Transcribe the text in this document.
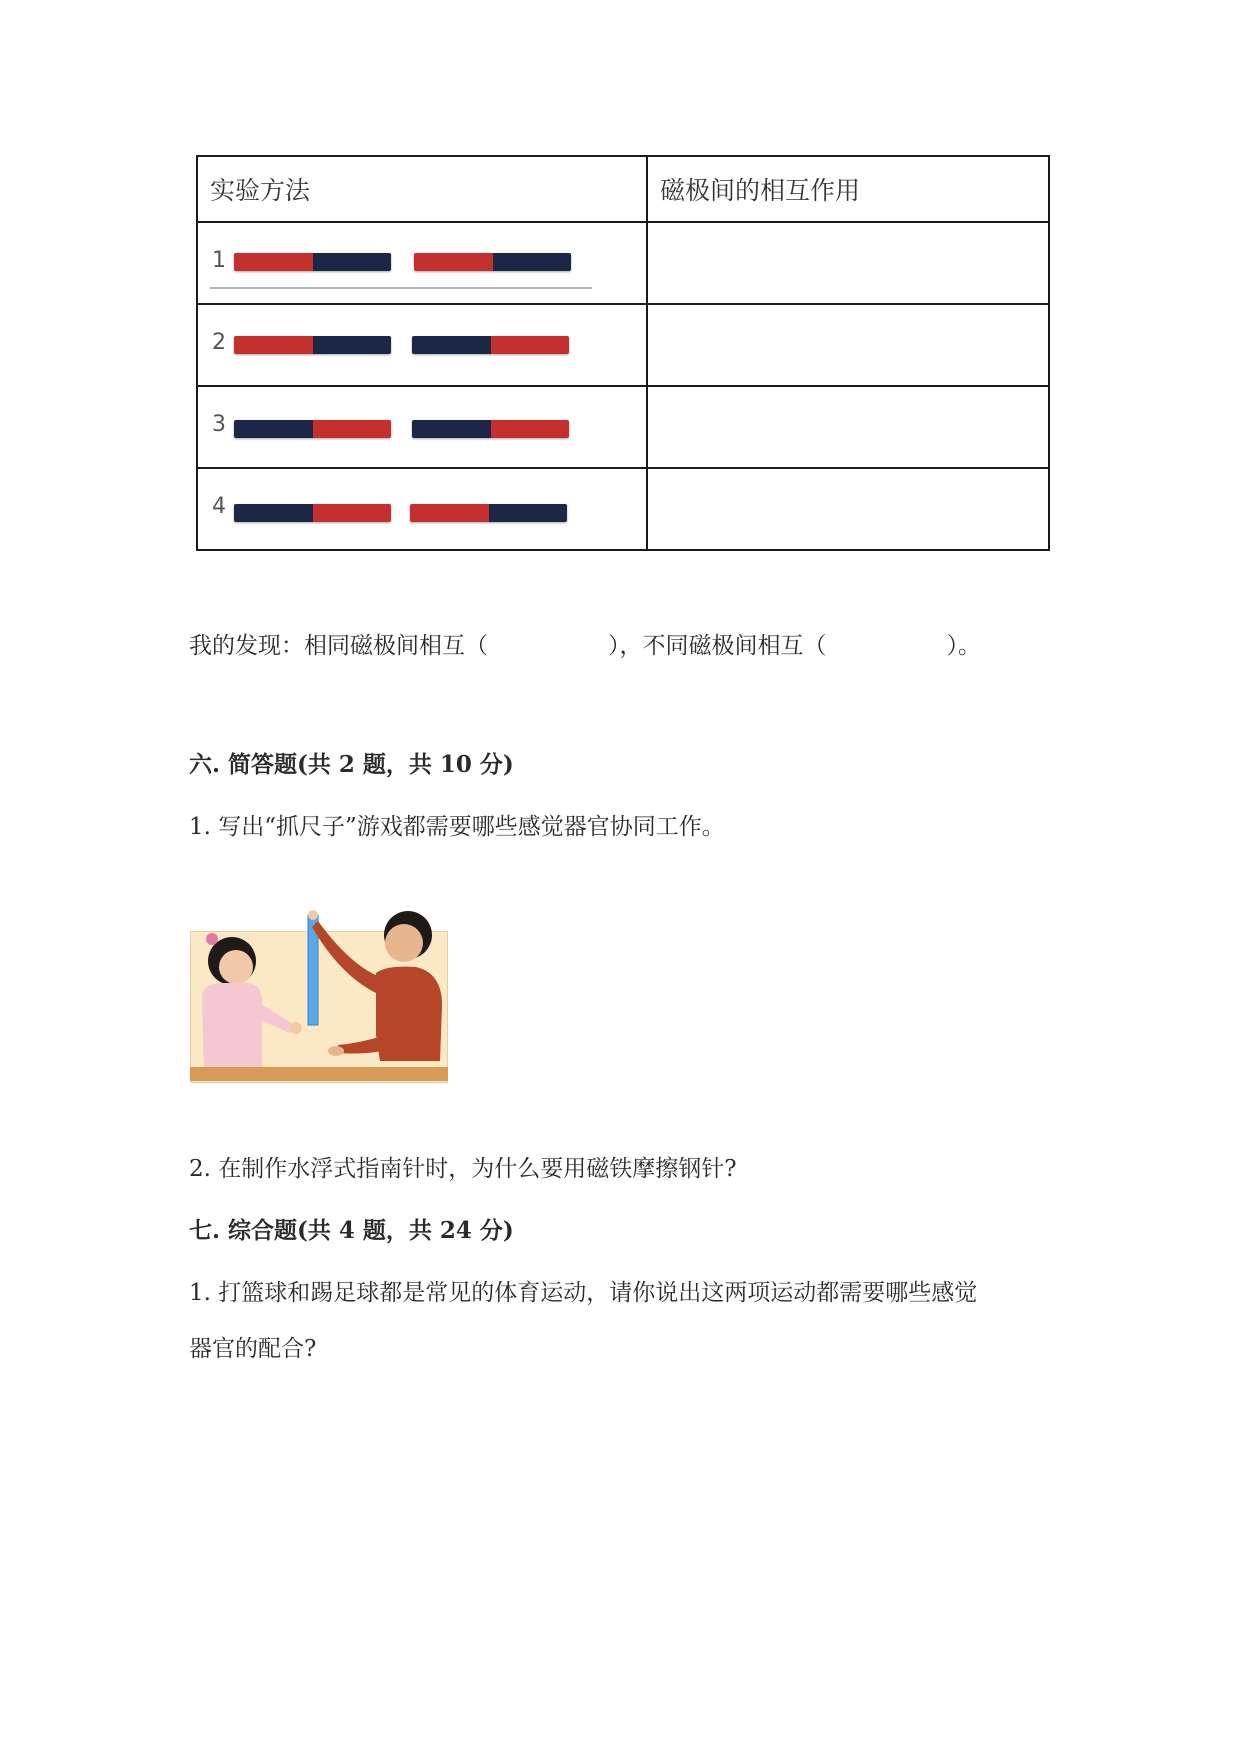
实验方法	磁极间的相互作用

1	

2	

3	

4	

我的发现：相同磁极间相互（	），不同磁极间相互（	）。
六. 简答题(共 2 题，共 10 分)
1. 写出“抓尺子”游戏都需要哪些感觉器官协同工作。
2. 在制作水浮式指南针时，为什么要用磁铁摩擦钢针?
七. 综合题(共 4 题，共 24 分)
1. 打篮球和踢足球都是常见的体育运动，请你说出这两项运动都需要哪些感觉
器官的配合?
